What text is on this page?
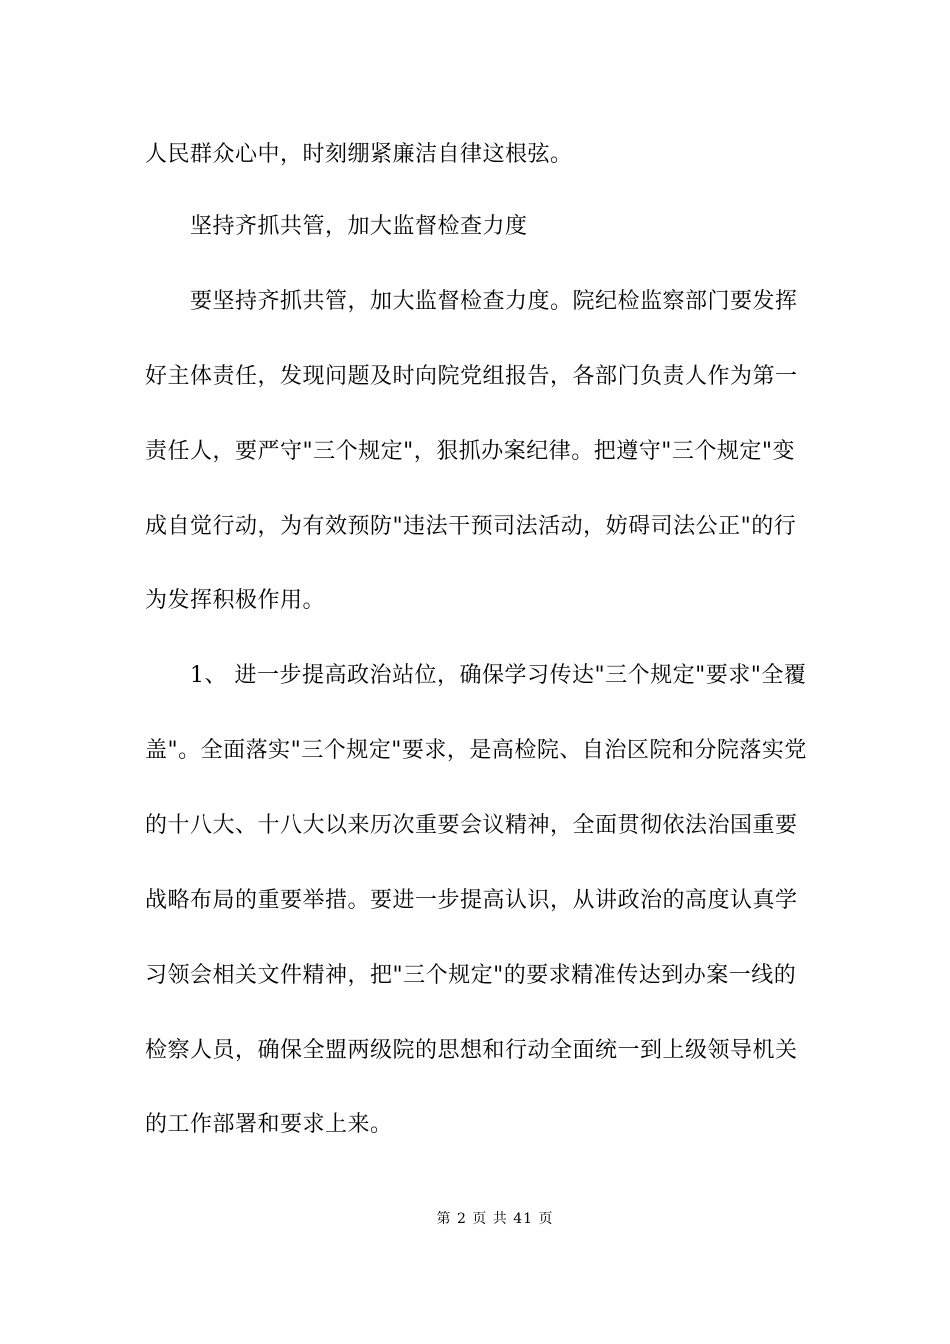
人民群众心中，时刻绷紧廉洁自律这根弦。
坚持齐抓共管，加大监督检查力度
要坚持齐抓共管，加大监督检查力度。院纪检监察部门要发挥
好主体责任，发现问题及时向院党组报告，各部门负责人作为第一
责任人，要严守"三个规定"，狠抓办案纪律。把遵守"三个规定"变
成自觉行动，为有效预防"违法干预司法活动，妨碍司法公正"的行
为发挥积极作用。
1、 进一步提高政治站位，确保学习传达"三个规定"要求"全覆
盖"。全面落实"三个规定"要求，是高检院、自治区院和分院落实党
的十八大、十八大以来历次重要会议精神，全面贯彻依法治国重要
战略布局的重要举措。要进一步提高认识，从讲政治的高度认真学
习领会相关文件精神，把"三个规定"的要求精准传达到办案一线的
检察人员，确保全盟两级院的思想和行动全面统一到上级领导机关
的工作部署和要求上来。
第 2 页 共 41 页
